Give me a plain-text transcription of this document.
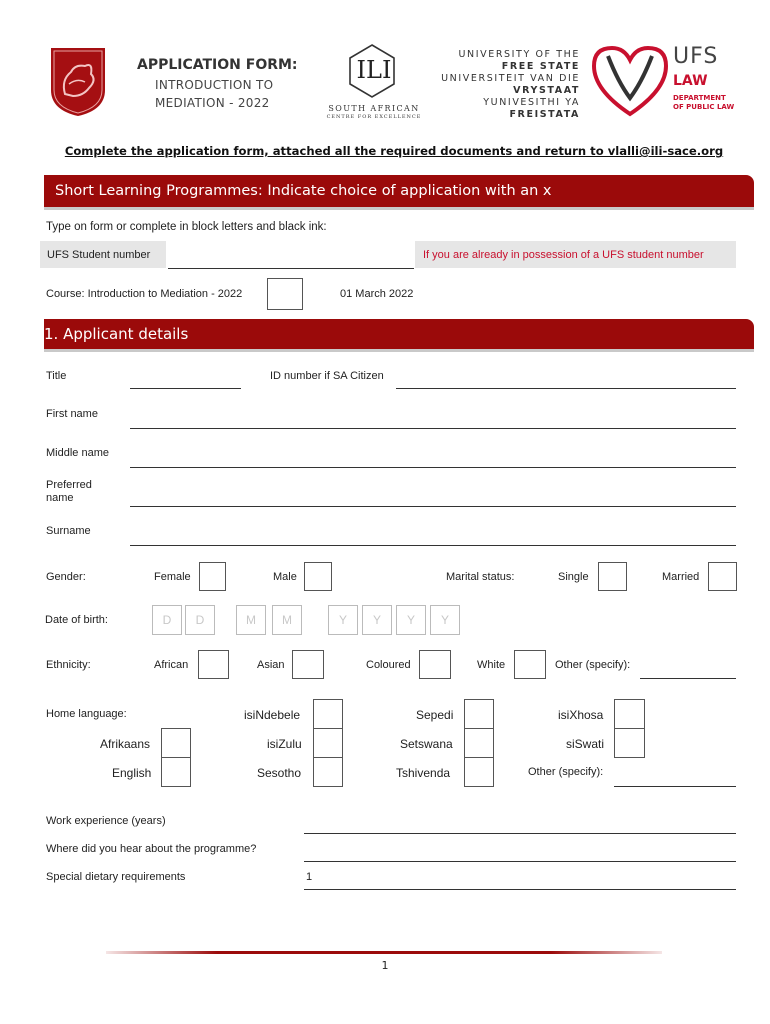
APPLICATION FORM:
INTRODUCTION TO
MEDIATION - 2022
ILI
SOUTH AFRICAN
CENTRE FOR EXCELLENCE
UNIVERSITY OF THE
FREE STATE
UNIVERSITEIT VAN DIE
VRYSTAAT
YUNIVESITHI YA
FREISTATA
UFS
LAW
DEPARTMENT
OF PUBLIC LAW
Complete the application form, attached all the required documents and return to vlalli@ili-sace.org
Short Learning Programmes: Indicate choice of application with an x
Type on form or complete in block letters and black ink:
UFS Student number	If you are already in possession of a UFS student number
Course: Introduction to Mediation - 2022	01 March 2022
1. Applicant details
Title	ID number if SA Citizen
First name
Middle name
Preferred
name
Surname
Gender:	Female	Male	Marital status:	Single	Married
Date of birth:	D	D	M	M	Y	Y	Y	Y
Ethnicity:	African	Asian	Coloured	White	Other (specify):
Home language:	isiNdebele	Sepedi	isiXhosa
Afrikaans	isiZulu	Setswana	siSwati
English	Sesotho	Tshivenda	Other (specify):
Work experience (years)
Where did you hear about the programme?
Special dietary requirements	1
1
